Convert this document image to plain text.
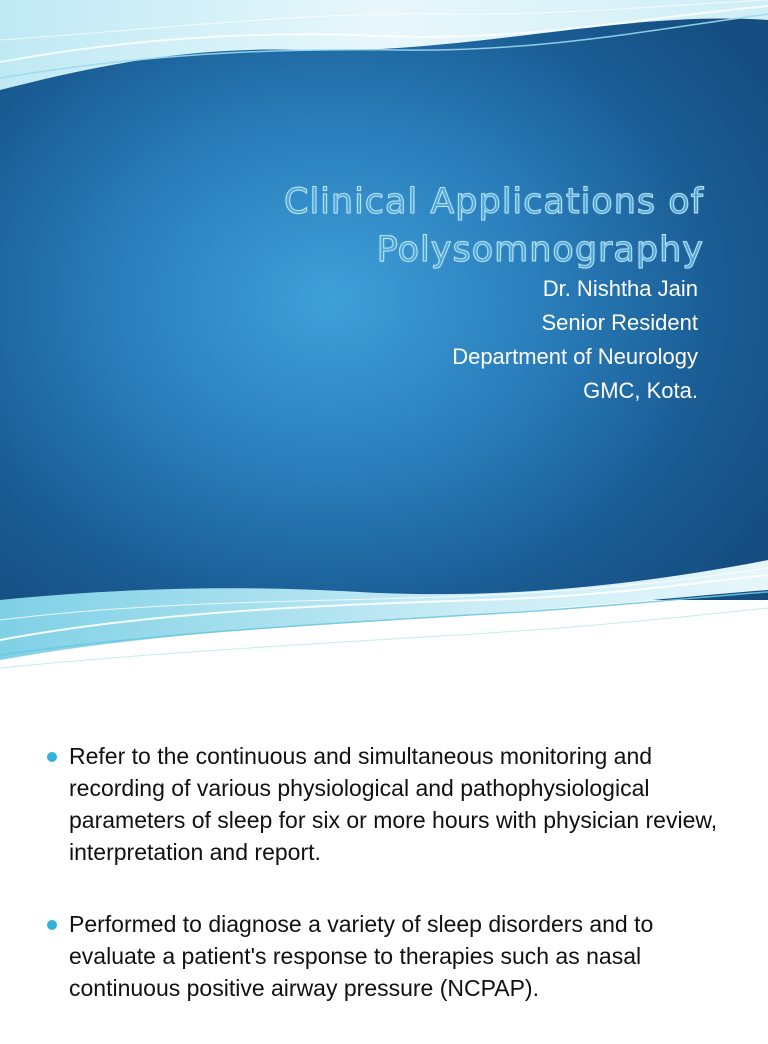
Clinical Applications of
Polysomnography
Dr. Nishtha Jain
Senior Resident
Department of Neurology
GMC, Kota.
Refer to the continuous and simultaneous monitoring and recording of various physiological and pathophysiological parameters of sleep for six or more hours with physician review, interpretation and report.
Performed to diagnose a variety of sleep disorders and to evaluate a patient's response to therapies such as nasal continuous positive airway pressure (NCPAP).
